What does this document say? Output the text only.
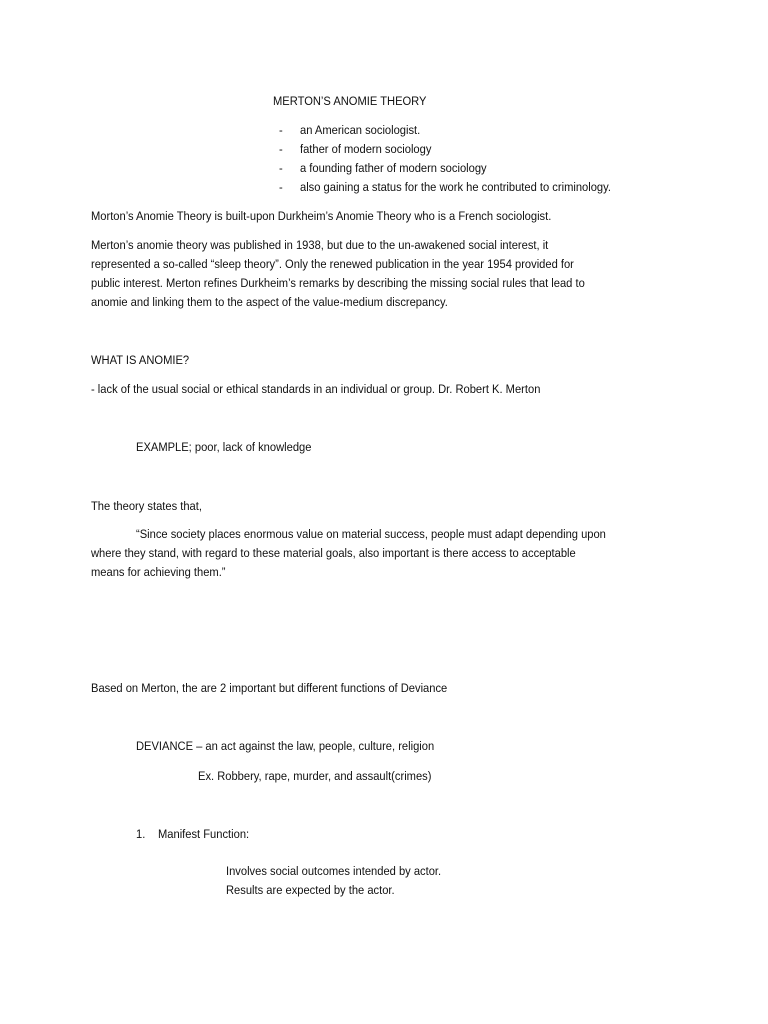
MERTON’S ANOMIE THEORY
- an American sociologist.
- father of modern sociology
- a founding father of modern sociology
- also gaining a status for the work he contributed to criminology.
Morton’s Anomie Theory is built-upon Durkheim’s Anomie Theory who is a French sociologist.
Merton’s anomie theory was published in 1938, but due to the un-awakened social interest, it
represented a so-called “sleep theory”. Only the renewed publication in the year 1954 provided for
public interest. Merton refines Durkheim’s remarks by describing the missing social rules that lead to
anomie and linking them to the aspect of the value-medium discrepancy.
WHAT IS ANOMIE?
- lack of the usual social or ethical standards in an individual or group. Dr. Robert K. Merton
EXAMPLE; poor, lack of knowledge
The theory states that,
“Since society places enormous value on material success, people must adapt depending upon
where they stand, with regard to these material goals, also important is there access to acceptable
means for achieving them.”
Based on Merton, the are 2 important but different functions of Deviance
DEVIANCE – an act against the law, people, culture, religion
Ex. Robbery, rape, murder, and assault(crimes)
1. Manifest Function:
Involves social outcomes intended by actor.
Results are expected by the actor.
